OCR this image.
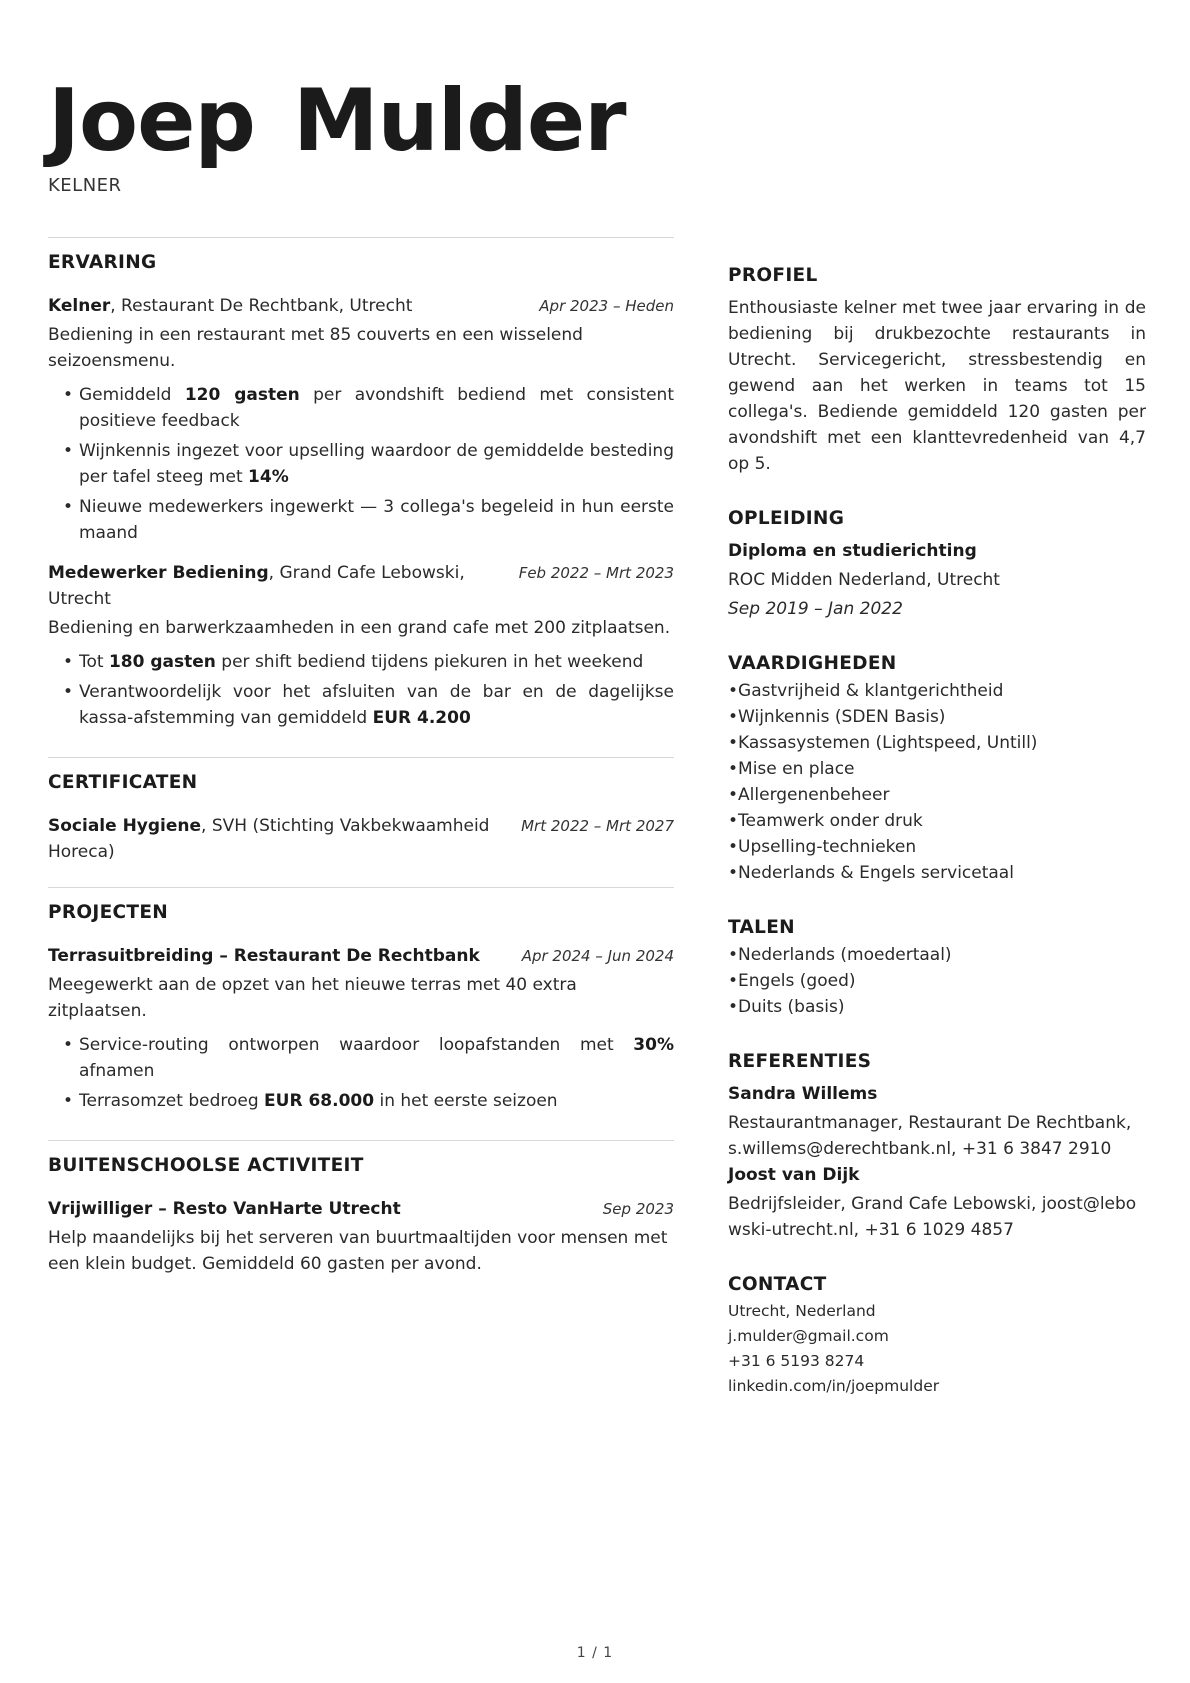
Joep Mulder
KELNER
ERVARING
Kelner, Restaurant De Rechtbank, Utrecht	Apr 2023 – Heden
Bediening in een restaurant met 85 couverts en een wisselend seizoensmenu.
• Gemiddeld 120 gasten per avondshift bediend met consistent positieve feedback
• Wijnkennis ingezet voor upselling waardoor de gemiddelde besteding per tafel steeg met 14%
• Nieuwe medewerkers ingewerkt — 3 collega's begeleid in hun eerste maand
Medewerker Bediening, Grand Cafe Lebowski, Utrecht
Feb 2022 – Mrt 2023
Bediening en barwerkzaamheden in een grand cafe met 200 zitplaatsen.
• Tot 180 gasten per shift bediend tijdens piekuren in het weekend
• Verantwoordelijk voor het afsluiten van de bar en de dagelijkse kassa-afstemming van gemiddeld EUR 4.200
CERTIFICATEN
Sociale Hygiene, SVH (Stichting Vakbekwaamheid Horeca)
Mrt 2022 – Mrt 2027
PROJECTEN
Terrasuitbreiding – Restaurant De Rechtbank	Apr 2024 – Jun 2024
Meegewerkt aan de opzet van het nieuwe terras met 40 extra zitplaatsen.
• Service-routing ontworpen waardoor loopafstanden met 30% afnamen
• Terrasomzet bedroeg EUR 68.000 in het eerste seizoen
BUITENSCHOOLSE ACTIVITEIT
Vrijwilliger – Resto VanHarte Utrecht	Sep 2023
Help maandelijks bij het serveren van buurtmaaltijden voor mensen met een klein budget. Gemiddeld 60 gasten per avond.
PROFIEL

Enthousiaste kelner met twee jaar ervaring in de bediening bij drukbezochte restaurants in Utrecht. Servicegericht, stressbestendig en gewend aan het werken in teams tot 15 collega's. Bediende gemiddeld 120 gasten per avondshift met een klanttevredenheid van 4,7 op 5.

OPLEIDING

Diploma en studierichting

ROC Midden Nederland, Utrecht

Sep 2019 – Jan 2022

VAARDIGHEDEN
• Gastvrijheid & klantgerichtheid
• Wijnkennis (SDEN Basis)
• Kassasystemen (Lightspeed, Untill)
• Mise en place
• Allergenenbeheer
• Teamwerk onder druk
• Upselling-technieken
• Nederlands & Engels servicetaal
TALEN
• Nederlands (moedertaal)
• Engels (goed)
• Duits (basis)
REFERENTIES

Sandra Willems

Restaurantmanager, Restaurant De Rechtbank, s.willems@derechtbank.nl, +31 6 3847 2910

Joost van Dijk

Bedrijfsleider, Grand Cafe Lebowski, joost@lebowski-utrecht.nl, +31 6 1029 4857

CONTACT

Utrecht, Nederland

j.mulder@gmail.com

+31 6 5193 8274

linkedin.com/in/joepmulder

1 / 1
